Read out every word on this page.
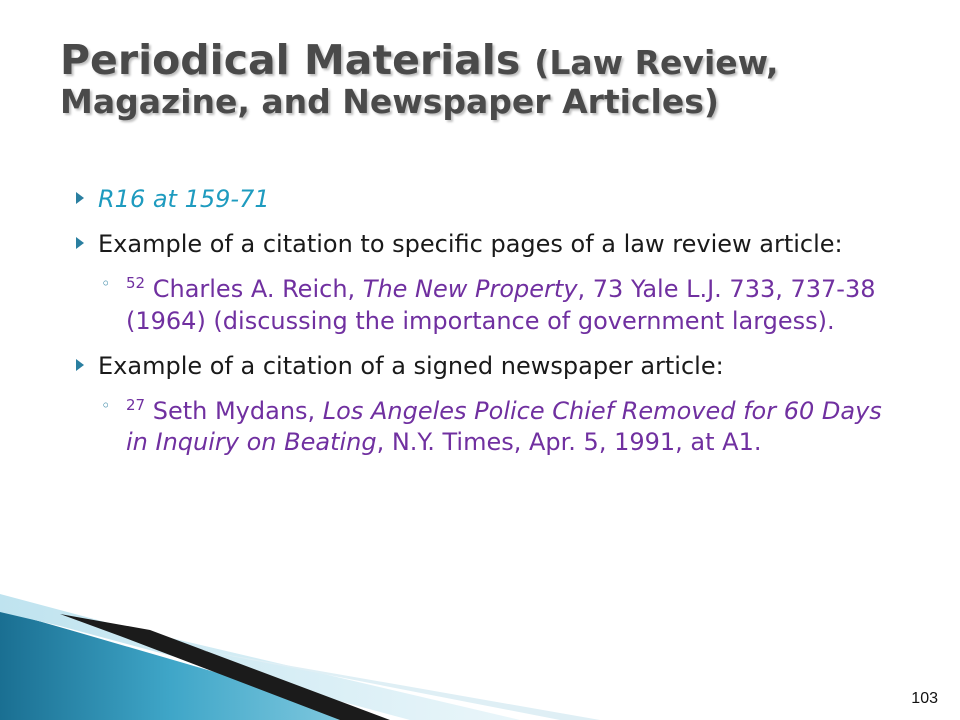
Periodical Materials (Law Review,
Magazine, and Newspaper Articles)
R16 at 159-71
Example of a citation to specific pages of a law review article:
◦ $^{52}$ Charles A. Reich, The New Property, 73 Yale L.J. 733, 737-38 (1964) (discussing the importance of government largess).
Example of a citation of a signed newspaper article:
◦ $^{27}$ Seth Mydans, Los Angeles Police Chief Removed for 60 Days in Inquiry on Beating, N.Y. Times, Apr. 5, 1991, at A1.
103
